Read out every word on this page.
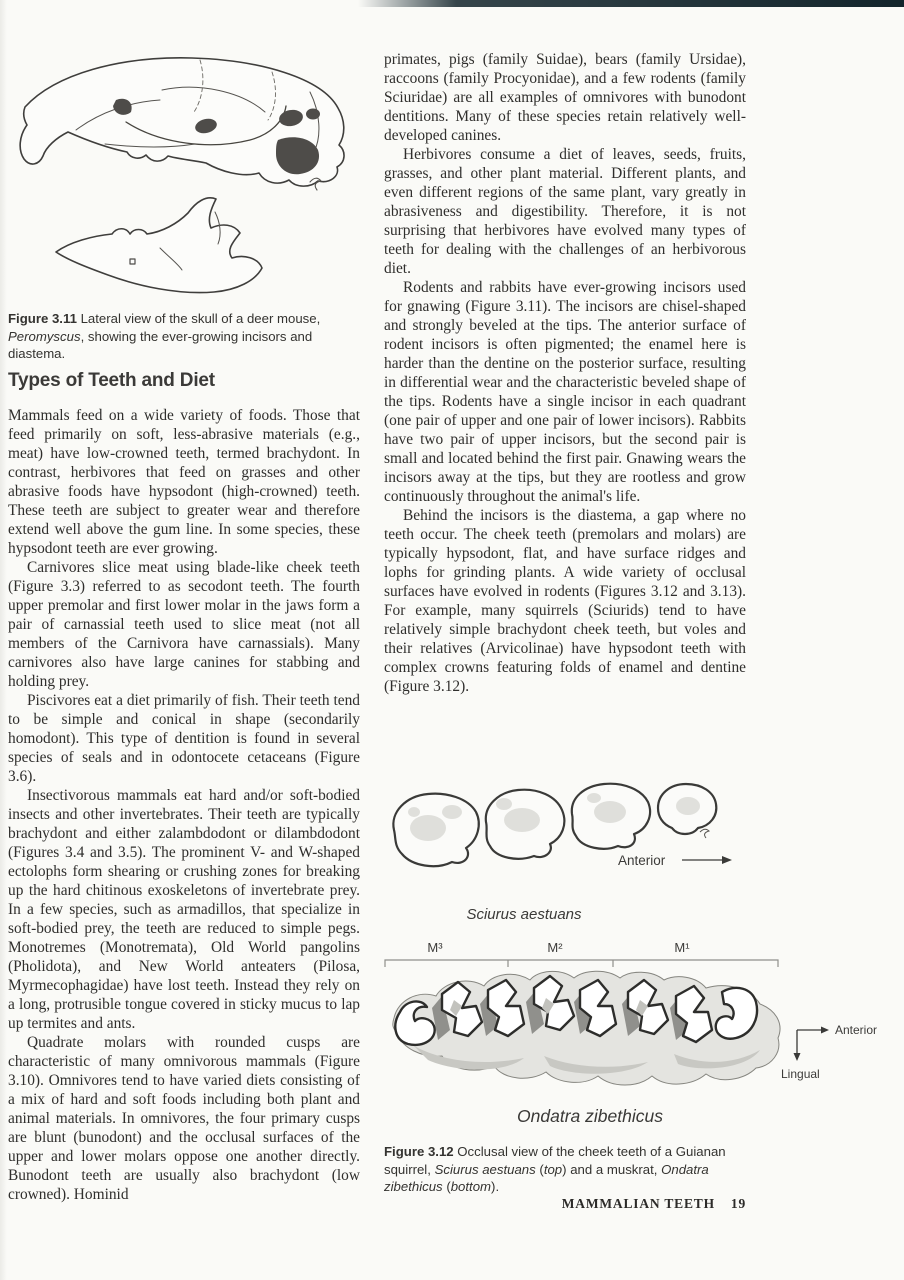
Figure 3.11 Lateral view of the skull of a deer mouse, Peromyscus, showing the ever-growing incisors and diastema.
Types of Teeth and Diet

Mammals feed on a wide variety of foods. Those that feed primarily on soft, less-abrasive materials (e.g., meat) have low-crowned teeth, termed brachydont. In contrast, herbivores that feed on grasses and other abrasive foods have hypsodont (high-crowned) teeth. These teeth are subject to greater wear and therefore extend well above the gum line. In some species, these hypsodont teeth are ever growing.

Carnivores slice meat using blade-like cheek teeth (Figure 3.3) referred to as secodont teeth. The fourth upper premolar and first lower molar in the jaws form a pair of carnassial teeth used to slice meat (not all members of the Carnivora have carnassials). Many carnivores also have large canines for stabbing and holding prey.

Piscivores eat a diet primarily of fish. Their teeth tend to be simple and conical in shape (secondarily homodont). This type of dentition is found in several species of seals and in odontocete cetaceans (Figure 3.6).

Insectivorous mammals eat hard and/or soft-bodied insects and other invertebrates. Their teeth are typically brachydont and either zalambdodont or dilambdodont (Figures 3.4 and 3.5). The prominent V- and W-shaped ectolophs form shearing or crushing zones for breaking up the hard chitinous exoskeletons of invertebrate prey. In a few species, such as armadillos, that specialize in soft-bodied prey, the teeth are reduced to simple pegs. Monotremes (Monotremata), Old World pangolins (Pholidota), and New World anteaters (Pilosa, Myrmecophagidae) have lost teeth. Instead they rely on a long, protrusible tongue covered in sticky mucus to lap up termites and ants.

Quadrate molars with rounded cusps are characteristic of many omnivorous mammals (Figure 3.10). Omnivores tend to have varied diets consisting of a mix of hard and soft foods including both plant and animal materials. In omnivores, the four primary cusps are blunt (bunodont) and the occlusal surfaces of the upper and lower molars oppose one another directly. Bunodont teeth are usually also brachydont (low crowned). Hominid

primates, pigs (family Suidae), bears (family Ursidae), raccoons (family Procyonidae), and a few rodents (family Sciuridae) are all examples of omnivores with bunodont dentitions. Many of these species retain relatively well-developed canines.

Herbivores consume a diet of leaves, seeds, fruits, grasses, and other plant material. Different plants, and even different regions of the same plant, vary greatly in abrasiveness and digestibility. Therefore, it is not surprising that herbivores have evolved many types of teeth for dealing with the challenges of an herbivorous diet.

Rodents and rabbits have ever-growing incisors used for gnawing (Figure 3.11). The incisors are chisel-shaped and strongly beveled at the tips. The anterior surface of rodent incisors is often pigmented; the enamel here is harder than the dentine on the posterior surface, resulting in differential wear and the characteristic beveled shape of the tips. Rodents have a single incisor in each quadrant (one pair of upper and one pair of lower incisors). Rabbits have two pair of upper incisors, but the second pair is small and located behind the first pair. Gnawing wears the incisors away at the tips, but they are rootless and grow continuously throughout the animal's life.

Behind the incisors is the diastema, a gap where no teeth occur. The cheek teeth (premolars and molars) are typically hypsodont, flat, and have surface ridges and lophs for grinding plants. A wide variety of occlusal surfaces have evolved in rodents (Figures 3.12 and 3.13). For example, many squirrels (Sciurids) tend to have relatively simple brachydont cheek teeth, but voles and their relatives (Arvicolinae) have hypsodont teeth with complex crowns featuring folds of enamel and dentine (Figure 3.12).

Anterior
Sciurus aestuans
M³	M²	M¹
Anterior
Lingual
Ondatra zibethicus
Figure 3.12 Occlusal view of the cheek teeth of a Guianan squirrel, Sciurus aestuans (top) and a muskrat, Ondatra zibethicus (bottom).
MAMMALIAN TEETH 19
